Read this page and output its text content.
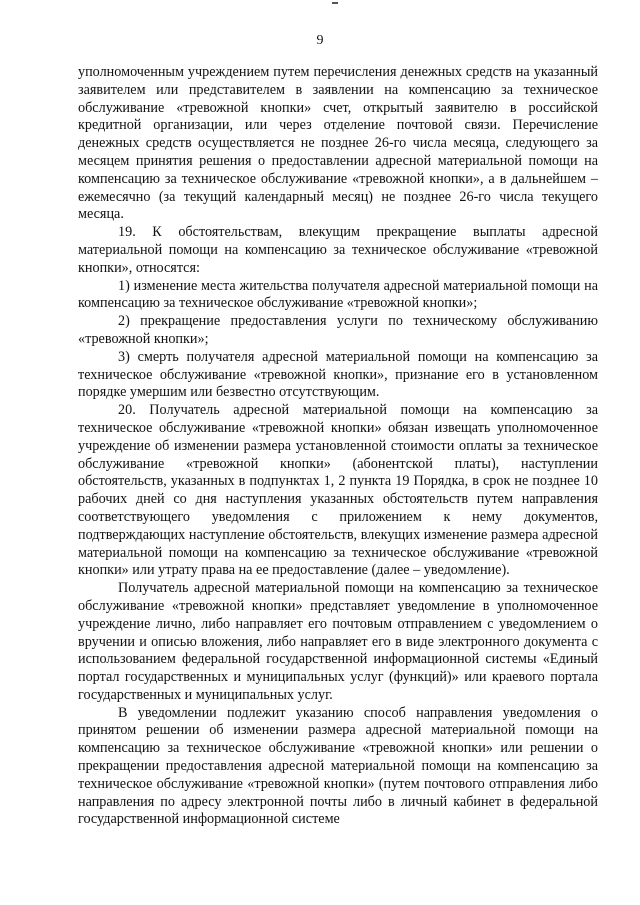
9

уполномоченным учреждением путем перечисления денежных средств на указанный заявителем или представителем в заявлении на компенсацию за техническое обслуживание «тревожной кнопки» счет, открытый заявителю в российской кредитной организации, или через отделение почтовой связи. Перечисление денежных средств осуществляется не позднее 26-го числа месяца, следующего за месяцем принятия решения о предоставлении адресной материальной помощи на компенсацию за техническое обслуживание «тревожной кнопки», а в дальнейшем – ежемесячно (за текущий календарный месяц) не позднее 26-го числа текущего месяца.

19. К обстоятельствам, влекущим прекращение выплаты адресной материальной помощи на компенсацию за техническое обслуживание «тревожной кнопки», относятся:

1) изменение места жительства получателя адресной материальной помощи на компенсацию за техническое обслуживание «тревожной кнопки»;

2) прекращение предоставления услуги по техническому обслуживанию «тревожной кнопки»;

3) смерть получателя адресной материальной помощи на компенсацию за техническое обслуживание «тревожной кнопки», признание его в установленном порядке умершим или безвестно отсутствующим.

20. Получатель адресной материальной помощи на компенсацию за техническое обслуживание «тревожной кнопки» обязан извещать уполномоченное учреждение об изменении размера установленной стоимости оплаты за техническое обслуживание «тревожной кнопки» (абонентской платы), наступлении обстоятельств, указанных в подпунктах 1, 2 пункта 19 Порядка, в срок не позднее 10 рабочих дней со дня наступления указанных обстоятельств путем направления соответствующего уведомления с приложением к нему документов, подтверждающих наступление обстоятельств, влекущих изменение размера адресной материальной помощи на компенсацию за техническое обслуживание «тревожной кнопки» или утрату права на ее предоставление (далее – уведомление).

Получатель адресной материальной помощи на компенсацию за техническое обслуживание «тревожной кнопки» представляет уведомление в уполномоченное учреждение лично, либо направляет его почтовым отправлением с уведомлением о вручении и описью вложения, либо направляет его в виде электронного документа с использованием федеральной государственной информационной системы «Единый портал государственных и муниципальных услуг (функций)» или краевого портала государственных и муниципальных услуг.

В уведомлении подлежит указанию способ направления уведомления о принятом решении об изменении размера адресной материальной помощи на компенсацию за техническое обслуживание «тревожной кнопки» или решении о прекращении предоставления адресной материальной помощи на компенсацию за техническое обслуживание «тревожной кнопки» (путем почтового отправления либо направления по адресу электронной почты либо в личный кабинет в федеральной государственной информационной системе
